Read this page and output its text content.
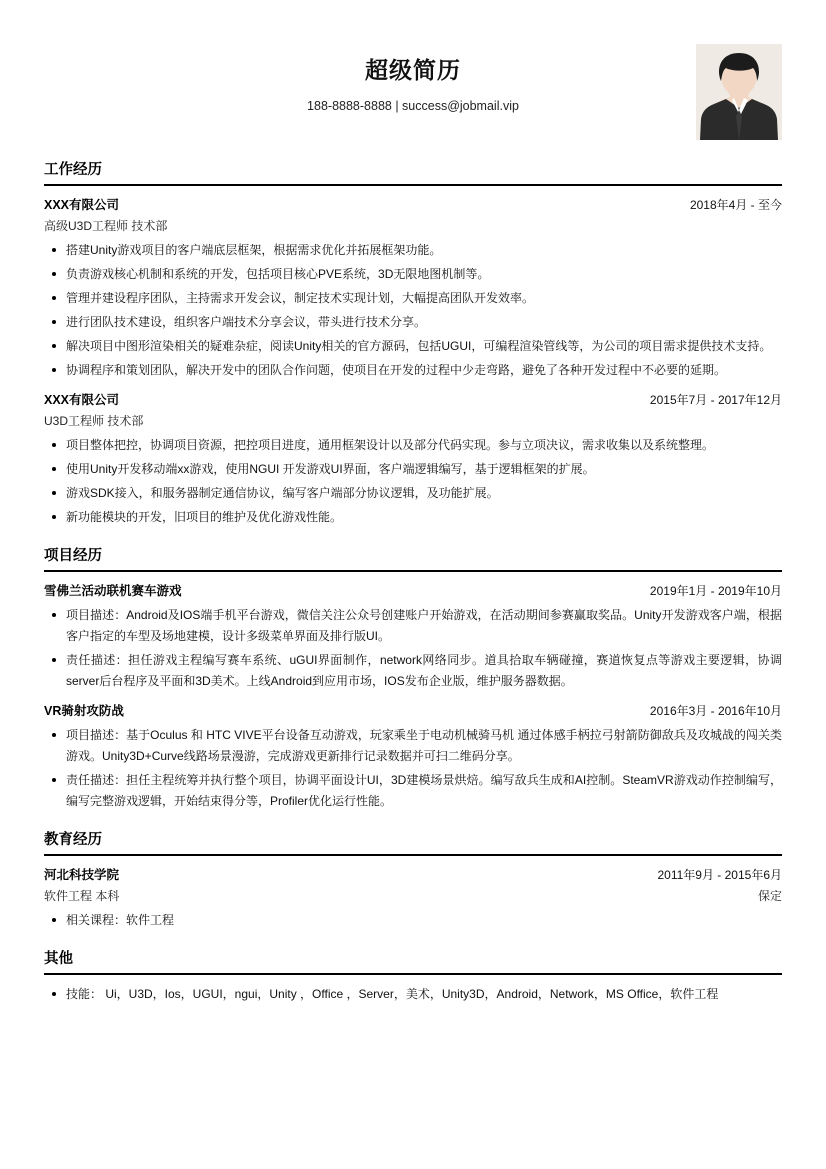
超级简历
188-8888-8888 | success@jobmail.vip
工作经历
XXX有限公司	2018年4月 - 至今
高级U3D工程师 技术部
搭建Unity游戏项目的客户端底层框架，根据需求优化并拓展框架功能。
负责游戏核心机制和系统的开发，包括项目核心PVE系统，3D无限地图机制等。
管理并建设程序团队，主持需求开发会议，制定技术实现计划，大幅提高团队开发效率。
进行团队技术建设，组织客户端技术分享会议，带头进行技术分享。
解决项目中图形渲染相关的疑难杂症，阅读Unity相关的官方源码，包括UGUI，可编程渲染管线等，为公司的项目需求提供技术支持。
协调程序和策划团队，解决开发中的团队合作问题，使项目在开发的过程中少走弯路，避免了各种开发过程中不必要的延期。
XXX有限公司	2015年7月 - 2017年12月
U3D工程师 技术部
项目整体把控，协调项目资源，把控项目进度，通用框架设计以及部分代码实现。参与立项决议，需求收集以及系统整理。
使用Unity开发移动端xx游戏，使用NGUI 开发游戏UI界面，客户端逻辑编写，基于逻辑框架的扩展。
游戏SDK接入，和服务器制定通信协议，编写客户端部分协议逻辑，及功能扩展。
新功能模块的开发，旧项目的维护及优化游戏性能。
项目经历
雪佛兰活动联机赛车游戏	2019年1月 - 2019年10月
项目描述：Android及IOS端手机平台游戏，微信关注公众号创建账户开始游戏，在活动期间参赛赢取奖品。Unity开发游戏客户端，根据客户指定的车型及场地建模，设计多级菜单界面及排行版UI。
责任描述：担任游戏主程编写赛车系统、uGUI界面制作，network网络同步。道具拾取车辆碰撞，赛道恢复点等游戏主要逻辑，协调server后台程序及平面和3D美术。上线Android到应用市场，IOS发布企业版，维护服务器数据。
VR骑射攻防战	2016年3月 - 2016年10月
项目描述：基于Oculus 和 HTC VIVE平台设备互动游戏，玩家乘坐于电动机械骑马机 通过体感手柄拉弓射箭防御敌兵及攻城战的闯关类游戏。Unity3D+Curve线路场景漫游，完成游戏更新排行记录数据并可扫二维码分享。
责任描述：担任主程统筹并执行整个项目，协调平面设计UI，3D建模场景烘焙。编写敌兵生成和AI控制。SteamVR游戏动作控制编写，编写完整游戏逻辑，开始结束得分等，Profiler优化运行性能。
教育经历
河北科技学院	2011年9月 - 2015年6月
软件工程 本科	保定
相关课程：软件工程
其他
技能： Ui，U3D，Ios，UGUI，ngui，Unity ，Office ，Server，美术，Unity3D，Android，Network，MS Office，软件工程
